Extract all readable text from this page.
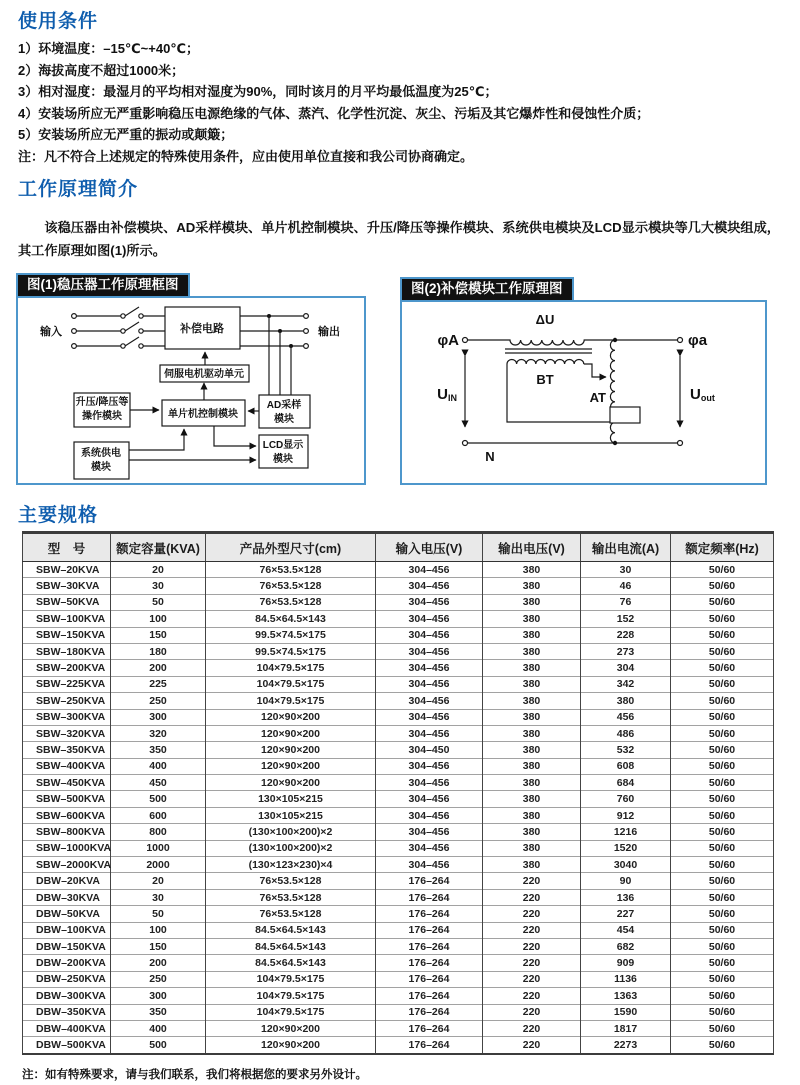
使用条件
1）环境温度：–15℃~+40℃；
2）海拔高度不超过1000米；
3）相对湿度：最湿月的平均相对湿度为90%，同时该月的月平均最低温度为25℃；
4）安装场所应无严重影响稳压电源绝缘的气体、蒸汽、化学性沉淀、灰尘、污垢及其它爆炸性和侵蚀性介质；
5）安装场所应无严重的振动或颠簸；
注：凡不符合上述规定的特殊使用条件，应由使用单位直接和我公司协商确定。
工作原理简介

该稳压器由补偿模块、AD采样模块、单片机控制模块、升压/降压等操作模块、系统供电模块及LCD显示模块等几大模块组成，其工作原理如图(1)所示。

图(1)稳压器工作原理框图
输入	输出
补偿电路
伺服电机驱动单元
升压/降压等
操作模块	单片机控制模块
AD采样
模块
系统供电
模块
LCD显示
模块
图(2)补偿模块工作原理图
φA	φa
ΔU
BT
AT
N
UIN	Uout
主要规格
型　号	额定容量(KVA)	产品外型尺寸(cm)	输入电压(V)	输出电压(V)	输出电流(A)	额定频率(Hz)
SBW–20KVA	20	76×53.5×128	304–456	380	30	50/60
SBW–30KVA	30	76×53.5×128	304–456	380	46	50/60
SBW–50KVA	50	76×53.5×128	304–456	380	76	50/60
SBW–100KVA	100	84.5×64.5×143	304–456	380	152	50/60
SBW–150KVA	150	99.5×74.5×175	304–456	380	228	50/60
SBW–180KVA	180	99.5×74.5×175	304–456	380	273	50/60
SBW–200KVA	200	104×79.5×175	304–456	380	304	50/60
SBW–225KVA	225	104×79.5×175	304–456	380	342	50/60
SBW–250KVA	250	104×79.5×175	304–456	380	380	50/60
SBW–300KVA	300	120×90×200	304–456	380	456	50/60
SBW–320KVA	320	120×90×200	304–456	380	486	50/60
SBW–350KVA	350	120×90×200	304–450	380	532	50/60
SBW–400KVA	400	120×90×200	304–456	380	608	50/60
SBW–450KVA	450	120×90×200	304–456	380	684	50/60
SBW–500KVA	500	130×105×215	304–456	380	760	50/60
SBW–600KVA	600	130×105×215	304–456	380	912	50/60
SBW–800KVA	800	(130×100×200)×2	304–456	380	1216	50/60
SBW–1000KVA	1000	(130×100×200)×2	304–456	380	1520	50/60
SBW–2000KVA	2000	(130×123×230)×4	304–456	380	3040	50/60
DBW–20KVA	20	76×53.5×128	176–264	220	90	50/60
DBW–30KVA	30	76×53.5×128	176–264	220	136	50/60
DBW–50KVA	50	76×53.5×128	176–264	220	227	50/60
DBW–100KVA	100	84.5×64.5×143	176–264	220	454	50/60
DBW–150KVA	150	84.5×64.5×143	176–264	220	682	50/60
DBW–200KVA	200	84.5×64.5×143	176–264	220	909	50/60
DBW–250KVA	250	104×79.5×175	176–264	220	1136	50/60
DBW–300KVA	300	104×79.5×175	176–264	220	1363	50/60
DBW–350KVA	350	104×79.5×175	176–264	220	1590	50/60
DBW–400KVA	400	120×90×200	176–264	220	1817	50/60
DBW–500KVA	500	120×90×200	176–264	220	2273	50/60
注：如有特殊要求，请与我们联系，我们将根据您的要求另外设计。
